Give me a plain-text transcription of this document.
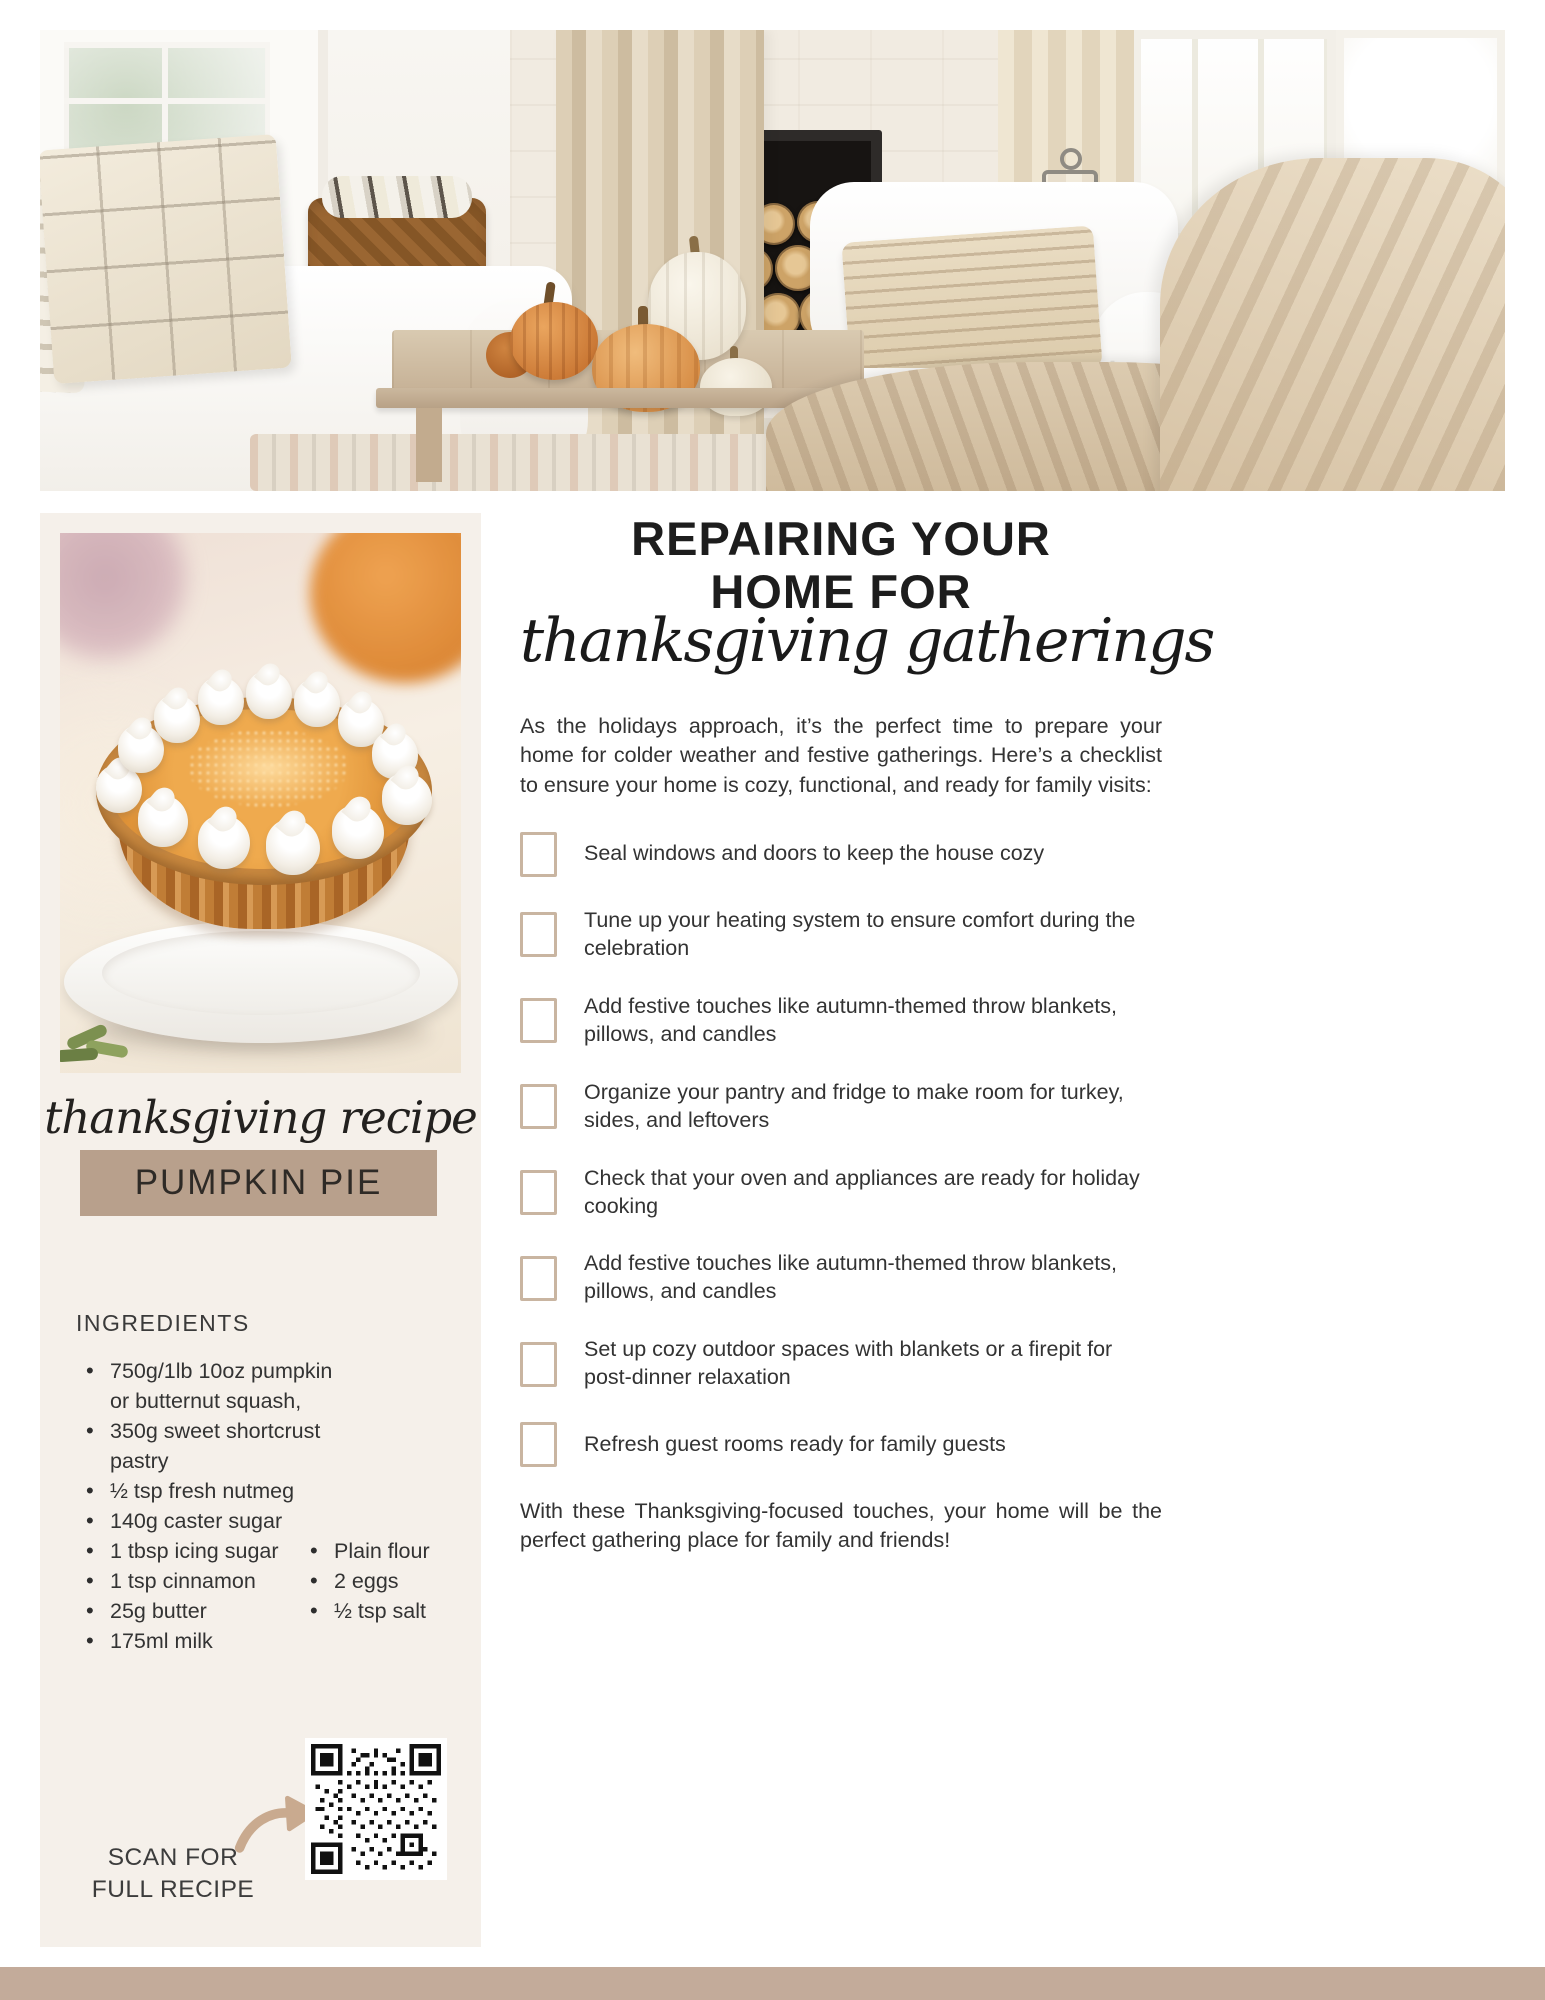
thanksgiving recipe
PUMPKIN PIE
INGREDIENTS
• 750g/1lb 10oz pumpkin or butternut squash,
• 350g sweet shortcrust pastry
• ½ tsp fresh nutmeg
• 140g caster sugar
• 1 tbsp icing sugar
• 1 tsp cinnamon
• 25g butter
• 175ml milk
• Plain flour
• 2 eggs
• ½ tsp salt
SCAN FOR
FULL RECIPE
REPAIRING YOUR
HOME FOR
thanksgiving gatherings

As the holidays approach, it’s the perfect time to prepare your home for colder weather and festive gatherings. Here’s a checklist to ensure your home is cozy, functional, and ready for family visits:

Seal windows and doors to keep the house cozy
Tune up your heating system to ensure comfort during the celebration
Add festive touches like autumn-themed throw blankets, pillows, and candles
Organize your pantry and fridge to make room for turkey, sides, and leftovers
Check that your oven and appliances are ready for holiday cooking
Add festive touches like autumn-themed throw blankets, pillows, and candles
Set up cozy outdoor spaces with blankets or a firepit for post-dinner relaxation
Refresh guest rooms ready for family guests

With these Thanksgiving-focused touches, your home will be the perfect gathering place for family and friends!
